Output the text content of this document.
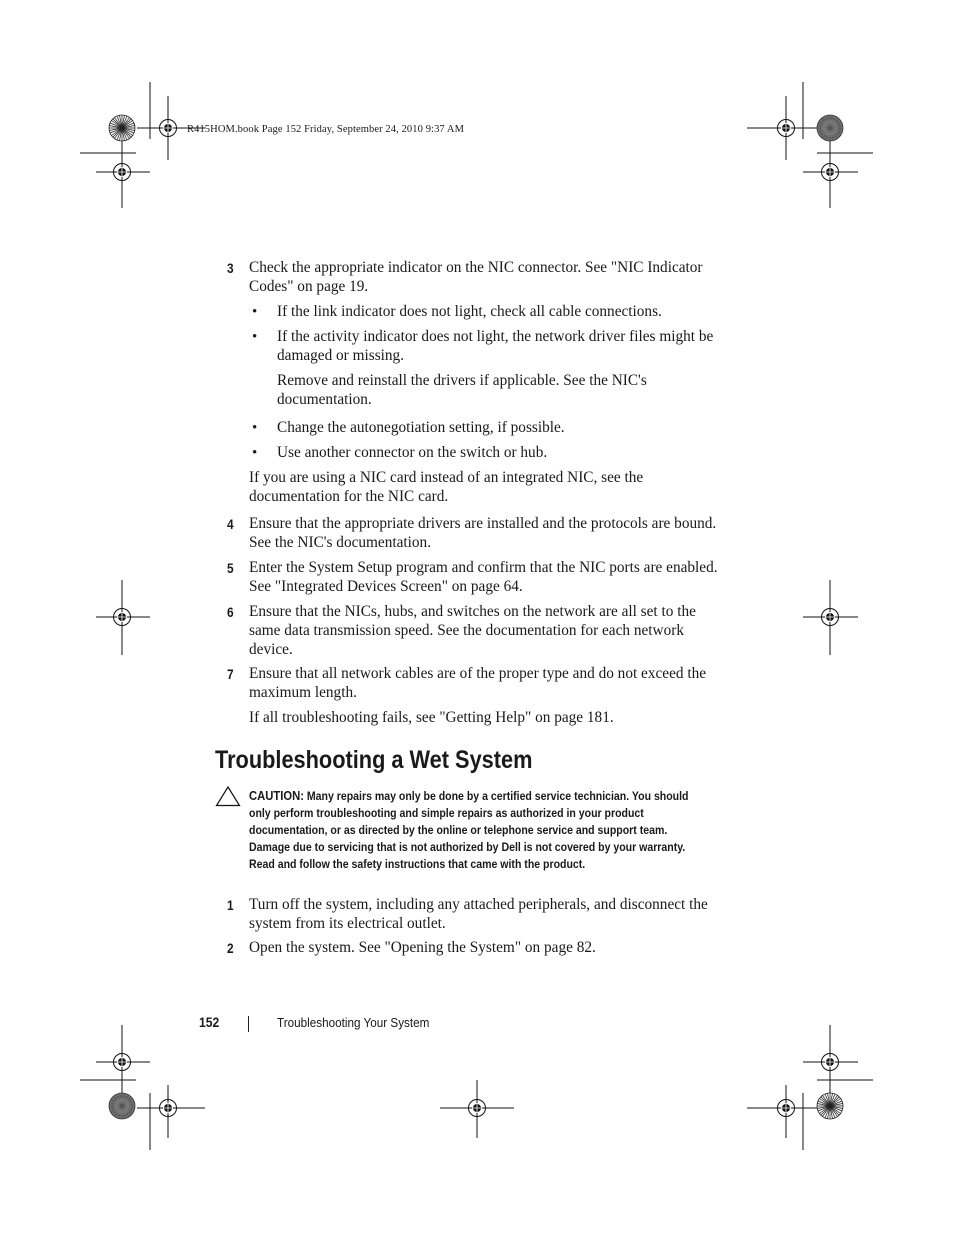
R415HOM.book Page 152 Friday, September 24, 2010 9:37 AM
3	Check the appropriate indicator on the NIC connector. See "NIC Indicator Codes" on page 19.
• If the link indicator does not light, check all cable connections.
• If the activity indicator does not light, the network driver files might be damaged or missing.
Remove and reinstall the drivers if applicable. See the NIC's documentation.
• Change the autonegotiation setting, if possible.
• Use another connector on the switch or hub.
If you are using a NIC card instead of an integrated NIC, see the documentation for the NIC card.
4	Ensure that the appropriate drivers are installed and the protocols are bound. See the NIC's documentation.
5	Enter the System Setup program and confirm that the NIC ports are enabled. See "Integrated Devices Screen" on page 64.
6	Ensure that the NICs, hubs, and switches on the network are all set to the same data transmission speed. See the documentation for each network device.
7	Ensure that all network cables are of the proper type and do not exceed the maximum length.
If all troubleshooting fails, see "Getting Help" on page 181.
Troubleshooting a Wet System
CAUTION: Many repairs may only be done by a certified service technician. You should only perform troubleshooting and simple repairs as authorized in your product documentation, or as directed by the online or telephone service and support team. Damage due to servicing that is not authorized by Dell is not covered by your warranty. Read and follow the safety instructions that came with the product.
1	Turn off the system, including any attached peripherals, and disconnect the system from its electrical outlet.
2	Open the system. See "Opening the System" on page 82.
152	Troubleshooting Your System
